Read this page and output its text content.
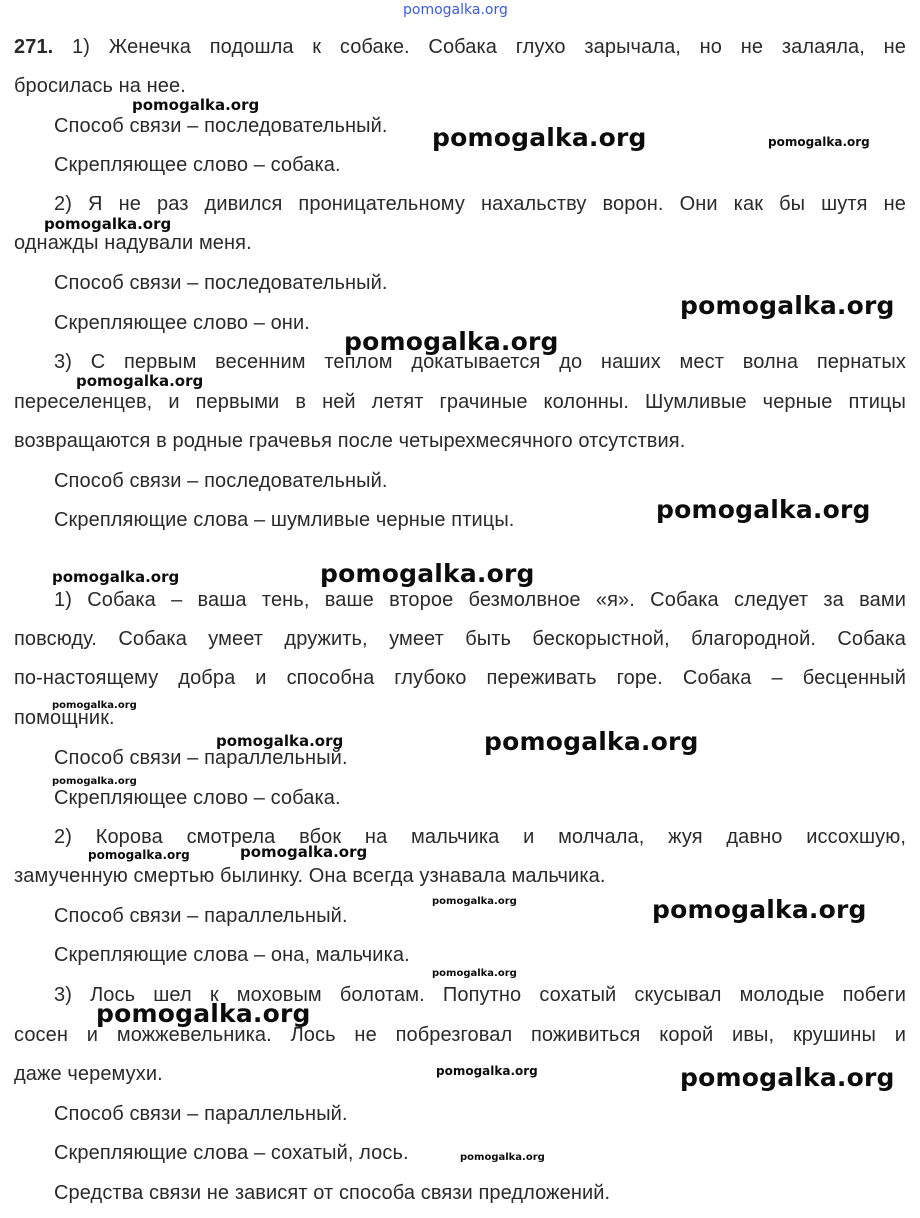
pomogalka.org
271. 1) Женечка подошла к собаке. Собака глухо зарычала, но не залаяла, не
бросилась на нее.
Способ связи – последовательный.
Скрепляющее слово – собака.
2) Я не раз дивился проницательному нахальству ворон. Они как бы шутя не
однажды надували меня.
Способ связи – последовательный.
Скрепляющее слово – они.
3) С первым весенним теплом докатывается до наших мест волна пернатых
переселенцев, и первыми в ней летят грачиные колонны. Шумливые черные птицы
возвращаются в родные грачевья после четырехмесячного отсутствия.
Способ связи – последовательный.
Скрепляющие слова – шумливые черные птицы.
1) Собака – ваша тень, ваше второе безмолвное «я». Собака следует за вами
повсюду. Собака умеет дружить, умеет быть бескорыстной, благородной. Собака
по-настоящему добра и способна глубоко переживать горе. Собака – бесценный
помощник.
Способ связи – параллельный.
Скрепляющее слово – собака.
2) Корова смотрела вбок на мальчика и молчала, жуя давно иссохшую,
замученную смертью былинку. Она всегда узнавала мальчика.
Способ связи – параллельный.
Скрепляющие слова – она, мальчика.
3) Лось шел к моховым болотам. Попутно сохатый скусывал молодые побеги
сосен и можжевельника. Лось не побрезговал поживиться корой ивы, крушины и
даже черемухи.
Способ связи – параллельный.
Скрепляющие слова – сохатый, лось.
Средства связи не зависят от способа связи предложений.
pomogalka.org
pomogalka.org	pomogalka.org
pomogalka.org
pomogalka.org
pomogalka.org
pomogalka.org
pomogalka.org
pomogalka.org	pomogalka.org
pomogalka.org
pomogalka.org	pomogalka.org
pomogalka.org
pomogalka.org	pomogalka.org
pomogalka.org	pomogalka.org
pomogalka.org
pomogalka.org
pomogalka.org	pomogalka.org
pomogalka.org
